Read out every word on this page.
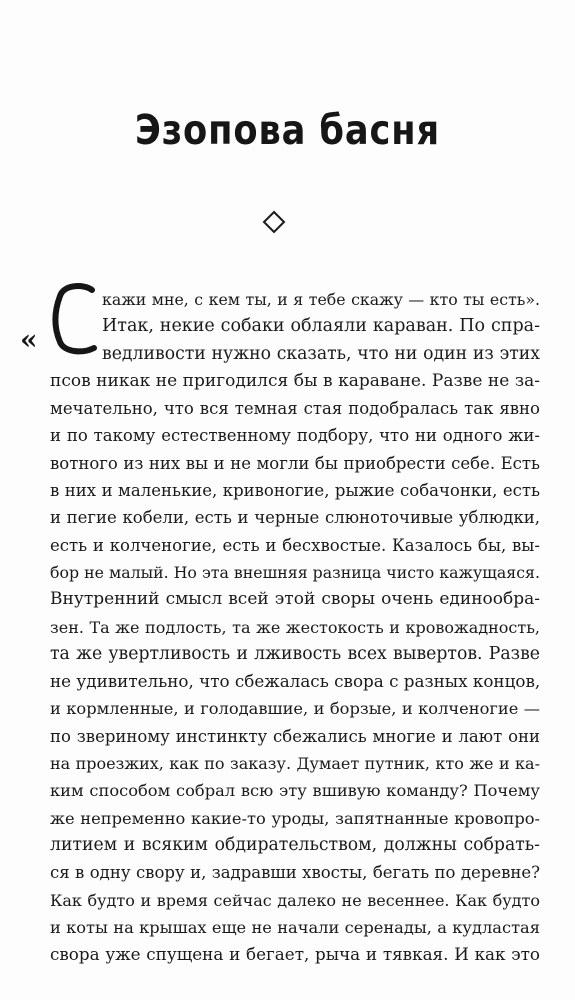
Эзопова басня
«
кажи мне, с кем ты, и я тебе скажу — кто ты есть».
Итак, некие собаки облаяли караван. По спра-
ведливости нужно сказать, что ни один из этих
псов никак не пригодился бы в караване. Разве не за-
мечательно, что вся темная стая подобралась так явно
и по такому естественному подбору, что ни одного жи-
вотного из них вы и не могли бы приобрести себе. Есть
в них и маленькие, кривоногие, рыжие собачонки, есть
и пегие кобели, есть и черные слюноточивые ублюдки,
есть и колченогие, есть и бесхвостые. Казалось бы, вы-
бор не малый. Но эта внешняя разница чисто кажущаяся.
Внутренний смысл всей этой своры очень единообра-
зен. Та же подлость, та же жестокость и кровожадность,
та же увертливость и лживость всех вывертов. Разве
не удивительно, что сбежалась свора с разных концов,
и кормленные, и голодавшие, и борзые, и колченогие —
по звериному инстинкту сбежались многие и лают они
на проезжих, как по заказу. Думает путник, кто же и ка-
ким способом собрал всю эту вшивую команду? Почему
же непременно какие-то уроды, запятнанные кровопро-
литием и всяким обдирательством, должны собрать-
ся в одну свору и, задравши хвосты, бегать по деревне?
Как будто и время сейчас далеко не весеннее. Как будто
и коты на крышах еще не начали серенады, а кудластая
свора уже спущена и бегает, рыча и тявкая. И как это
